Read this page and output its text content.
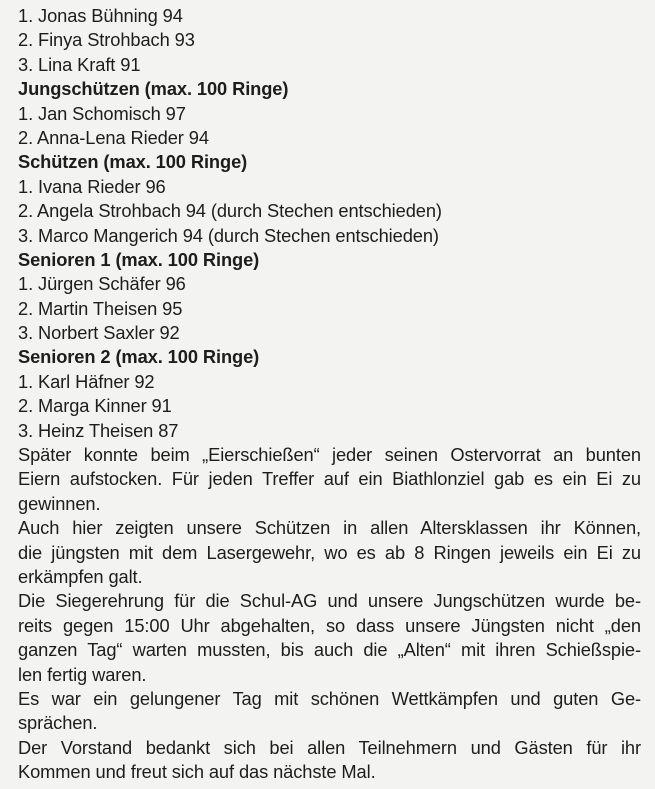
1. Jonas Bühning 94
2. Finya Strohbach 93
3. Lina Kraft 91
Jungschützen (max. 100 Ringe)
1. Jan Schomisch 97
2. Anna-Lena Rieder 94
Schützen (max. 100 Ringe)
1. Ivana Rieder 96
2. Angela Strohbach 94 (durch Stechen entschieden)
3. Marco Mangerich 94 (durch Stechen entschieden)
Senioren 1 (max. 100 Ringe)
1. Jürgen Schäfer 96
2. Martin Theisen 95
3. Norbert Saxler 92
Senioren 2 (max. 100 Ringe)
1. Karl Häfner 92
2. Marga Kinner 91
3. Heinz Theisen 87

Später konnte beim „Eierschießen“ jeder seinen Ostervorrat an bunten
Eiern aufstocken. Für jeden Treffer auf ein Biathlonziel gab es ein Ei zu
gewinnen.

Auch hier zeigten unsere Schützen in allen Altersklassen ihr Können,
die jüngsten mit dem Lasergewehr, wo es ab 8 Ringen jeweils ein Ei zu
erkämpfen galt.

Die Siegerehrung für die Schul-AG und unsere Jungschützen wurde be-
reits gegen 15:00 Uhr abgehalten, so dass unsere Jüngsten nicht „den
ganzen Tag“ warten mussten, bis auch die „Alten“ mit ihren Schießspie-
len fertig waren.

Es war ein gelungener Tag mit schönen Wettkämpfen und guten Ge-
sprächen.

Der Vorstand bedankt sich bei allen Teilnehmern und Gästen für ihr
Kommen und freut sich auf das nächste Mal.
